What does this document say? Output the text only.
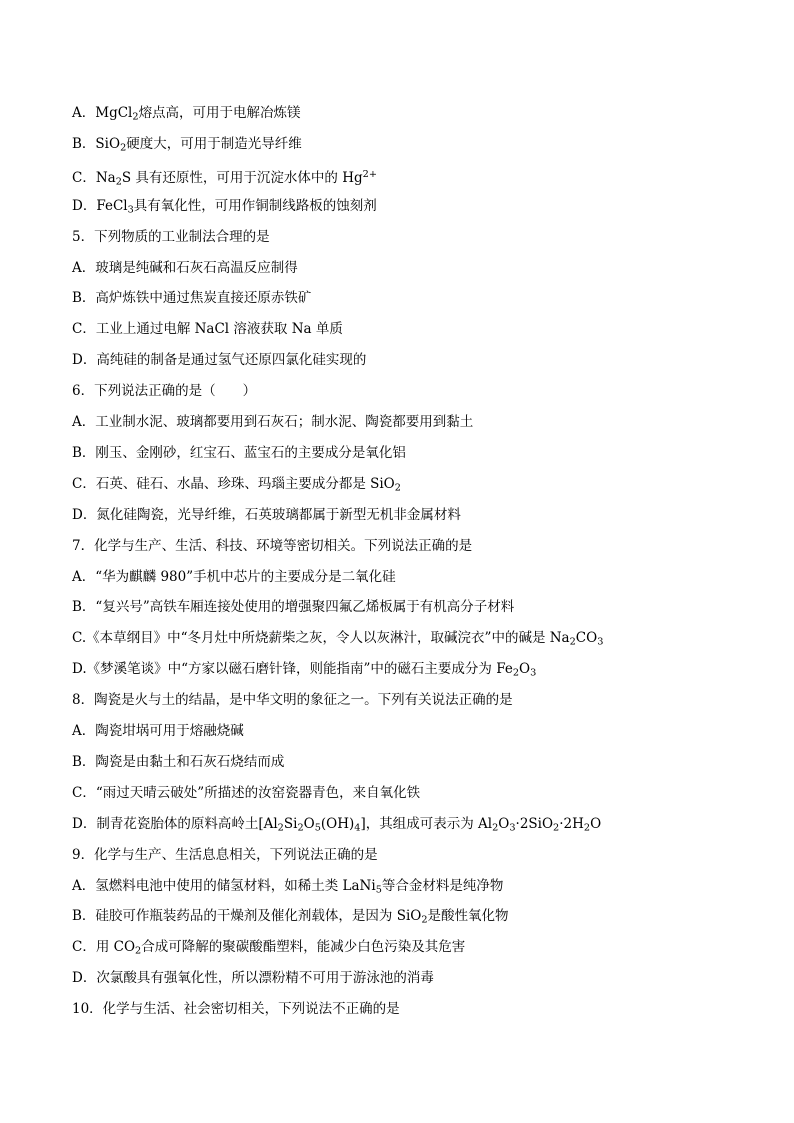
A．MgCl$_2$熔点高，可用于电解冶炼镁
B．SiO$_2$硬度大，可用于制造光导纤维
C．$Na_2S$ 具有还原性，可用于沉淀水体中的 $Hg^{2+}$
D．FeCl$_3$具有氧化性，可用作铜制线路板的蚀刻剂
5．下列物质的工业制法合理的是
A．玻璃是纯碱和石灰石高温反应制得
B．高炉炼铁中通过焦炭直接还原赤铁矿
C．工业上通过电解 NaCl 溶液获取 Na 单质
D．高纯硅的制备是通过氢气还原四氯化硅实现的
6．下列说法正确的是（　　）
A．工业制水泥、玻璃都要用到石灰石；制水泥、陶瓷都要用到黏土
B．刚玉、金刚砂，红宝石、蓝宝石的主要成分是氧化铝
C．石英、硅石、水晶、珍珠、玛瑙主要成分都是 SiO$_2$
D．氮化硅陶瓷，光导纤维，石英玻璃都属于新型无机非金属材料
7．化学与生产、生活、科技、环境等密切相关。下列说法正确的是
A．“华为麒麟 980”手机中芯片的主要成分是二氧化硅
B．“复兴号”高铁车厢连接处使用的增强聚四氟乙烯板属于有机高分子材料
C.《本草纲目》中“冬月灶中所烧薪柴之灰，令人以灰淋汁，取碱浣衣”中的碱是 $Na_2CO_3$
D.《梦溪笔谈》中“方家以磁石磨针锋，则能指南”中的磁石主要成分为 $Fe_2O_3$
8．陶瓷是火与土的结晶，是中华文明的象征之一。下列有关说法正确的是
A．陶瓷坩埚可用于熔融烧碱
B．陶瓷是由黏土和石灰石烧结而成
C．“雨过天晴云破处”所描述的汝窑瓷器青色，来自氧化铁
D．制青花瓷胎体的原料高岭土$[Al_2Si_2O_5(OH)_4]$，其组成可表示为 $Al_2O_3\cdot 2SiO_2\cdot 2H_2O$
9．化学与生产、生活息息相关，下列说法正确的是
A．氢燃料电池中使用的储氢材料，如稀土类 LaNi$_5$等合金材料是纯净物
B．硅胶可作瓶装药品的干燥剂及催化剂载体，是因为 SiO$_2$是酸性氧化物
C．用 $CO_2$合成可降解的聚碳酸酯塑料，能减少白色污染及其危害
D．次氯酸具有强氧化性，所以漂粉精不可用于游泳池的消毒
10．化学与生活、社会密切相关，下列说法不正确的是
